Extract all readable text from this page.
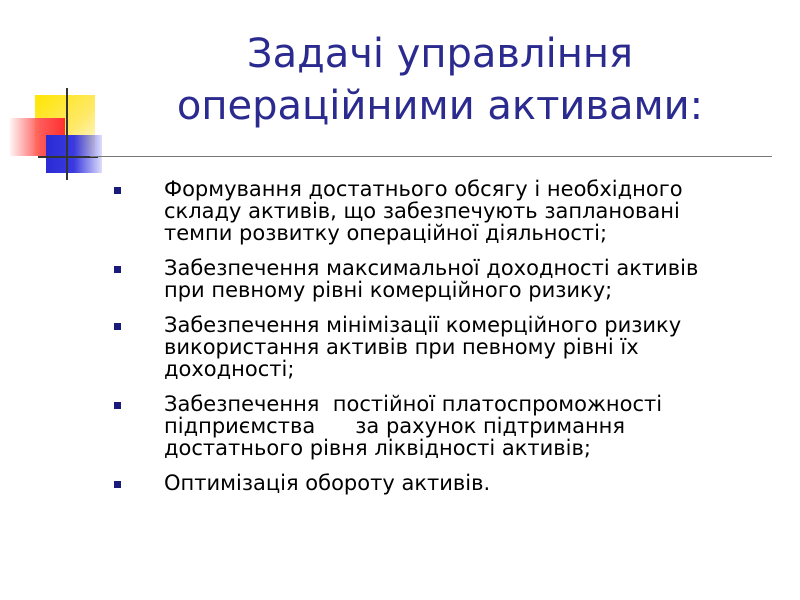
Задачі управління
операційними активами:
Формування достатнього обсягу і необхідного
складу активів, що забезпечують заплановані
темпи розвитку операційної діяльності;
Забезпечення максимальної доходності активів
при певному рівні комерційного ризику;
Забезпечення мінімізації комерційного ризику
використання активів при певному рівні їх
доходності;
Забезпечення  постійної платоспроможності
підприємства      за рахунок підтримання
достатнього рівня ліквідності активів;
Оптимізація обороту активів.
